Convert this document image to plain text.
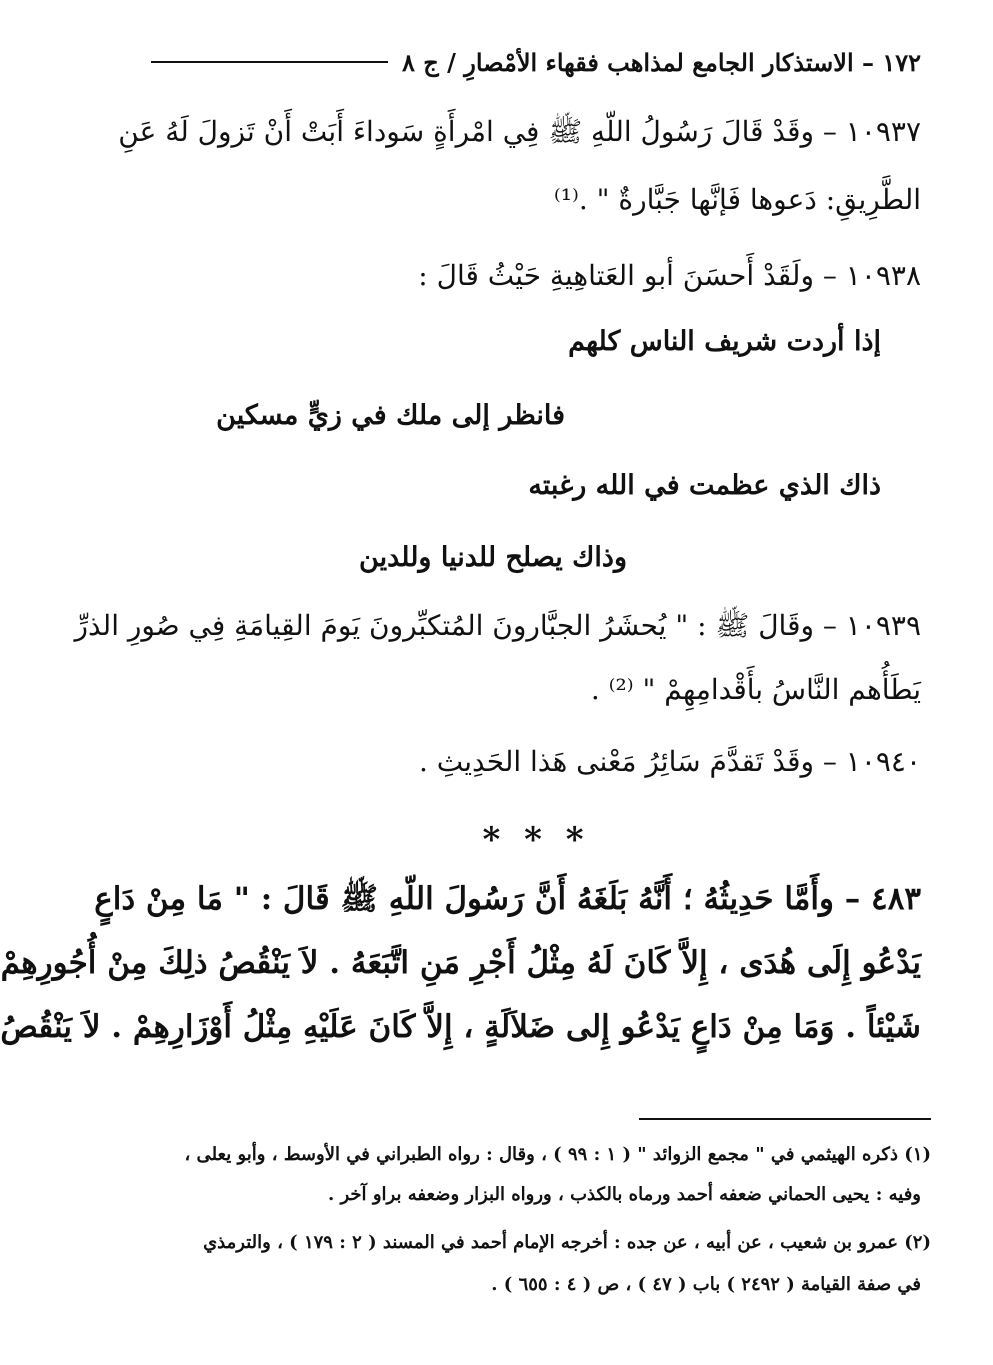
١٧٢ – الاستذكار الجامع لمذاهب فقهاء الأمْصارِ / ج ٨
١٠٩٣٧ – وقَدْ قَالَ رَسُولُ اللّهِ ﷺ فِي امْرأَةٍ سَوداءَ أَبَتْ أَنْ تَزولَ لَهُ عَنِ
الطَّرِيقِ: دَعوها فَإنَّها جَبَّارةٌ " .⁽¹⁾
١٠٩٣٨ – ولَقَدْ أَحسَنَ أبو العَتاهِيةِ حَيْثُ قَالَ :
إذا أردت شريف الناس كلهم
فانظر إلى ملك في زيٍّ مسكين
ذاك الذي عظمت في الله رغبته
وذاك يصلح للدنيا وللدين
١٠٩٣٩ – وقَالَ ﷺ : " يُحشَرُ الجبَّارونَ المُتكبِّرونَ يَومَ القِيامَةِ فِي صُورِ الذرِّ
يَطَأُهم النَّاسُ بأَقْدامِهِمْ " ⁽²⁾ .
١٠٩٤٠ – وقَدْ تَقدَّمَ سَائِرُ مَعْنى هَذا الحَدِيثِ .
* * *
٤٨٣ – وأَمَّا حَدِيثُهُ ؛ أَنَّهُ بَلَغَهُ أَنَّ رَسُولَ اللّهِ ﷺ قَالَ : " مَا مِنْ دَاعٍ
يَدْعُو إِلَى هُدَى ، إِلاَّ كَانَ لَهُ مِثْلُ أَجْرِ مَنِ اتَّبَعَهُ . لاَ يَنْقُصُ ذلِكَ مِنْ أُجُورِهِمْ
شَيْئاً . وَمَا مِنْ دَاعٍ يَدْعُو إِلى ضَلاَلَةٍ ، إِلاَّ كَانَ عَلَيْهِ مِثْلُ أَوْزَارِهِمْ . لاَ يَنْقُصُ
(١) ذكره الهيثمي في " مجمع الزوائد " ( ١ : ٩٩ ) ، وقال : رواه الطبراني في الأوسط ، وأبو يعلى ،
وفيه : يحيى الحماني ضعفه أحمد ورماه بالكذب ، ورواه البزار وضعفه براو آخر .
(٢) عمرو بن شعيب ، عن أبيه ، عن جده : أخرجه الإمام أحمد في المسند ( ٢ : ١٧٩ ) ، والترمذي
في صفة القيامة ( ٢٤٩٢ ) باب ( ٤٧ ) ، ص ( ٤ : ٦٥٥ ) .
